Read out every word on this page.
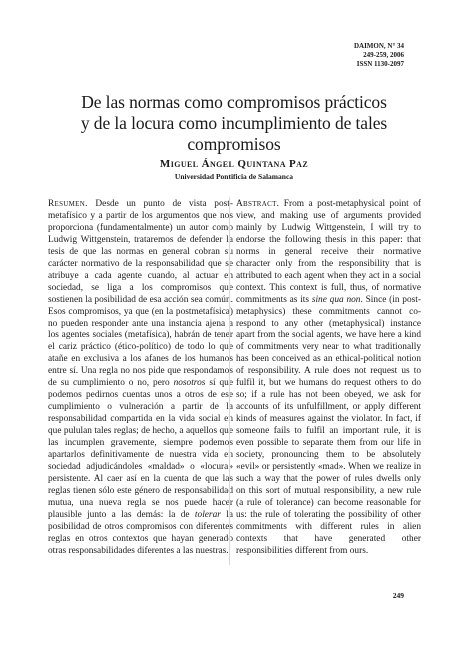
DAIMON, N° 34
249-259, 2006
ISSN 1130-2097
De las normas como compromisos prácticos
y de la locura como incumplimiento de tales
compromisos
Miguel Ángel Quintana Paz
Universidad Pontificia de Salamanca
Resumen. Desde un punto de vista post-metafísico y a partir de los argumentos que nos proporciona (fundamentalmente) un autor como Ludwig Wittgenstein, trataremos de defender la tesis de que las normas en general cobran su carácter normativo de la responsabilidad que se atribuye a cada agente cuando, al actuar en sociedad, se liga a los compromisos que sostienen la posibilidad de esa acción sea común. Esos compromisos, ya que (en la postmetafísica) no pueden responder ante una instancia ajena a los agentes sociales (metafísica), habrán de tener el cariz práctico (ético-político) de todo lo que atañe en exclusiva a los afanes de los humanos entre sí. Una regla no nos pide que respondamos de su cumplimiento o no, pero nosotros sí que podemos pedirnos cuentas unos a otros de ese cumplimiento o vulneración a partir de la responsabilidad compartida en la vida social en que pululan tales reglas; de hecho, a aquellos que las incumplen gravemente, siempre podemos apartarlos definitivamente de nuestra vida en sociedad adjudicándoles «maldad» o «locura» persistente. Al caer así en la cuenta de que las reglas tienen sólo este género de responsabilidad mutua, una nueva regla se nos puede hacer plausible junto a las demás: la de tolerar la posibilidad de otros compromisos con diferentes reglas en otros contextos que hayan generado otras responsabilidades diferentes a las nuestras.
Abstract. From a post-metaphysical point of view, and making use of arguments provided mainly by Ludwig Wittgenstein, I will try to endorse the following thesis in this paper: that norms in general receive their normative character only from the responsibility that is attributed to each agent when they act in a social context. This context is full, thus, of normative commitments as its sine qua non. Since (in post-metaphysics) these commitments cannot co-respond to any other (metaphysical) instance apart from the social agents, we have here a kind of commitments very near to what traditionally has been conceived as an ethical-political notion of responsibility. A rule does not request us to fulfil it, but we humans do request others to do so; if a rule has not been obeyed, we ask for accounts of its unfulfillment, or apply different kinds of measures against the violator. In fact, if someone fails to fulfil an important rule, it is even possible to separate them from our life in society, pronouncing them to be absolutely «evil» or persistently «mad». When we realize in such a way that the power of rules dwells only on this sort of mutual responsibility, a new rule (a rule of tolerance) can become reasonable for us: the rule of tolerating the possibility of other commitments with different rules in alien contexts that have generated other responsibilities different from ours.
249
